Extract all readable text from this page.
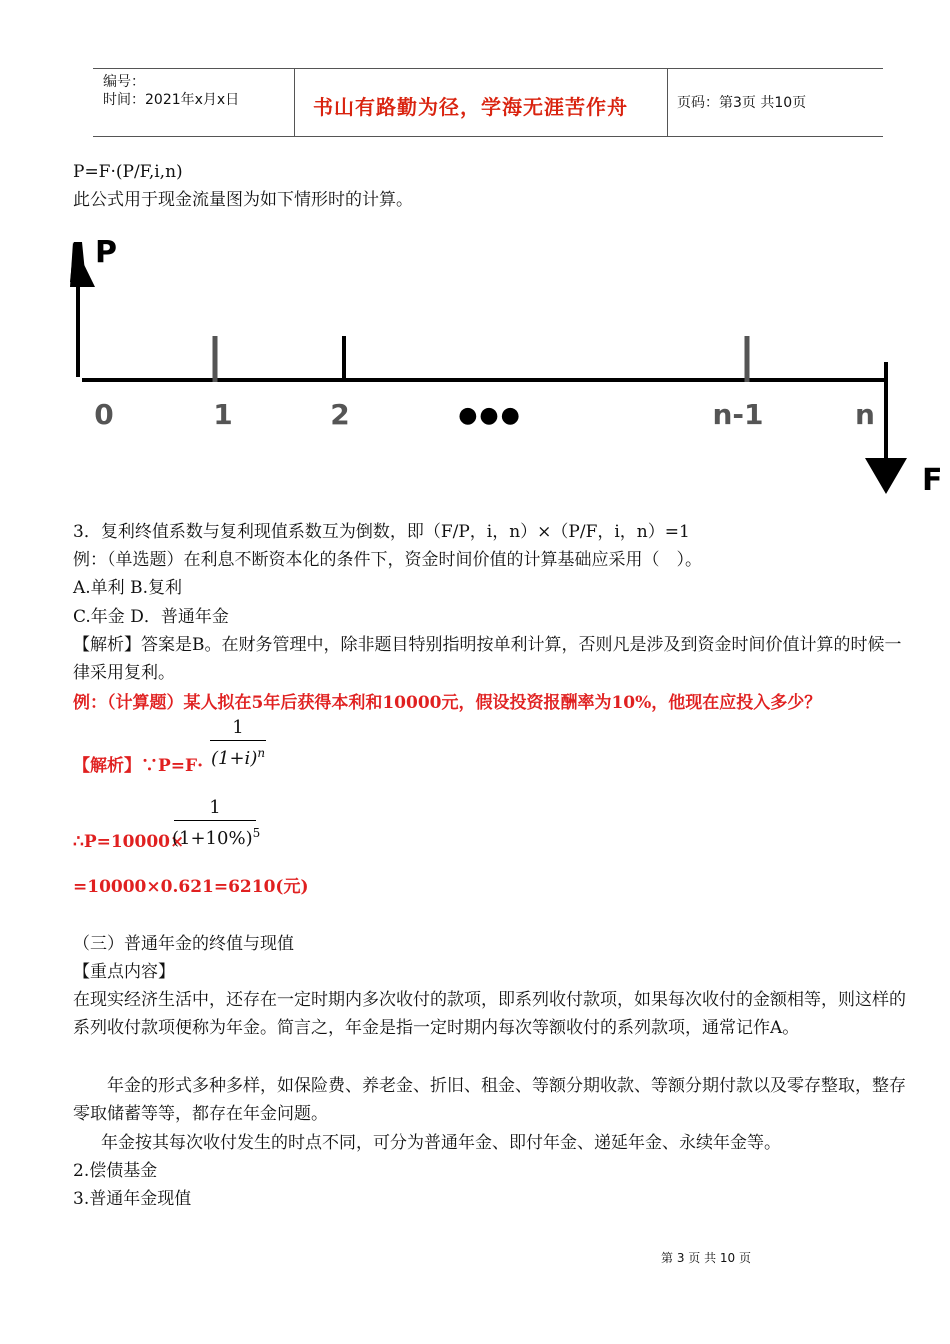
编号：
时间：2021年x月x日	书山有路勤为径，学海无涯苦作舟	页码：第3页 共10页
P=F·(P/F,i,n)
此公式用于现金流量图为如下情形时的计算。
P
F
0	1	2	●●●	n-1	n
3．复利终值系数与复利现值系数互为倒数，即（F/P，i，n）×（P/F，i，n）=1
例：（单选题）在利息不断资本化的条件下，资金时间价值的计算基础应采用（　）。
A.单利 B.复利
C.年金 D．普通年金
【解析】答案是B。在财务管理中，除非题目特别指明按单利计算，否则凡是涉及到资金时间价值计算的时候一律采用复利。
例：（计算题）某人拟在5年后获得本利和10000元，假设投资报酬率为10%，他现在应投入多少？
【解析】∵P=F·
1
$(1+i)^n$
∴P=10000×
1
$(1+10\%)^5$
=10000×0.621=6210(元)
（三）普通年金的终值与现值
【重点内容】
在现实经济生活中，还存在一定时期内多次收付的款项，即系列收付款项，如果每次收付的金额相等，则这样的系列收付款项便称为年金。简言之，年金是指一定时期内每次等额收付的系列款项，通常记作A。
年金的形式多种多样，如保险费、养老金、折旧、租金、等额分期收款、等额分期付款以及零存整取，整存零取储蓄等等，都存在年金问题。
年金按其每次收付发生的时点不同，可分为普通年金、即付年金、递延年金、永续年金等。
2.偿债基金
3.普通年金现值
第 3 页 共 10 页
